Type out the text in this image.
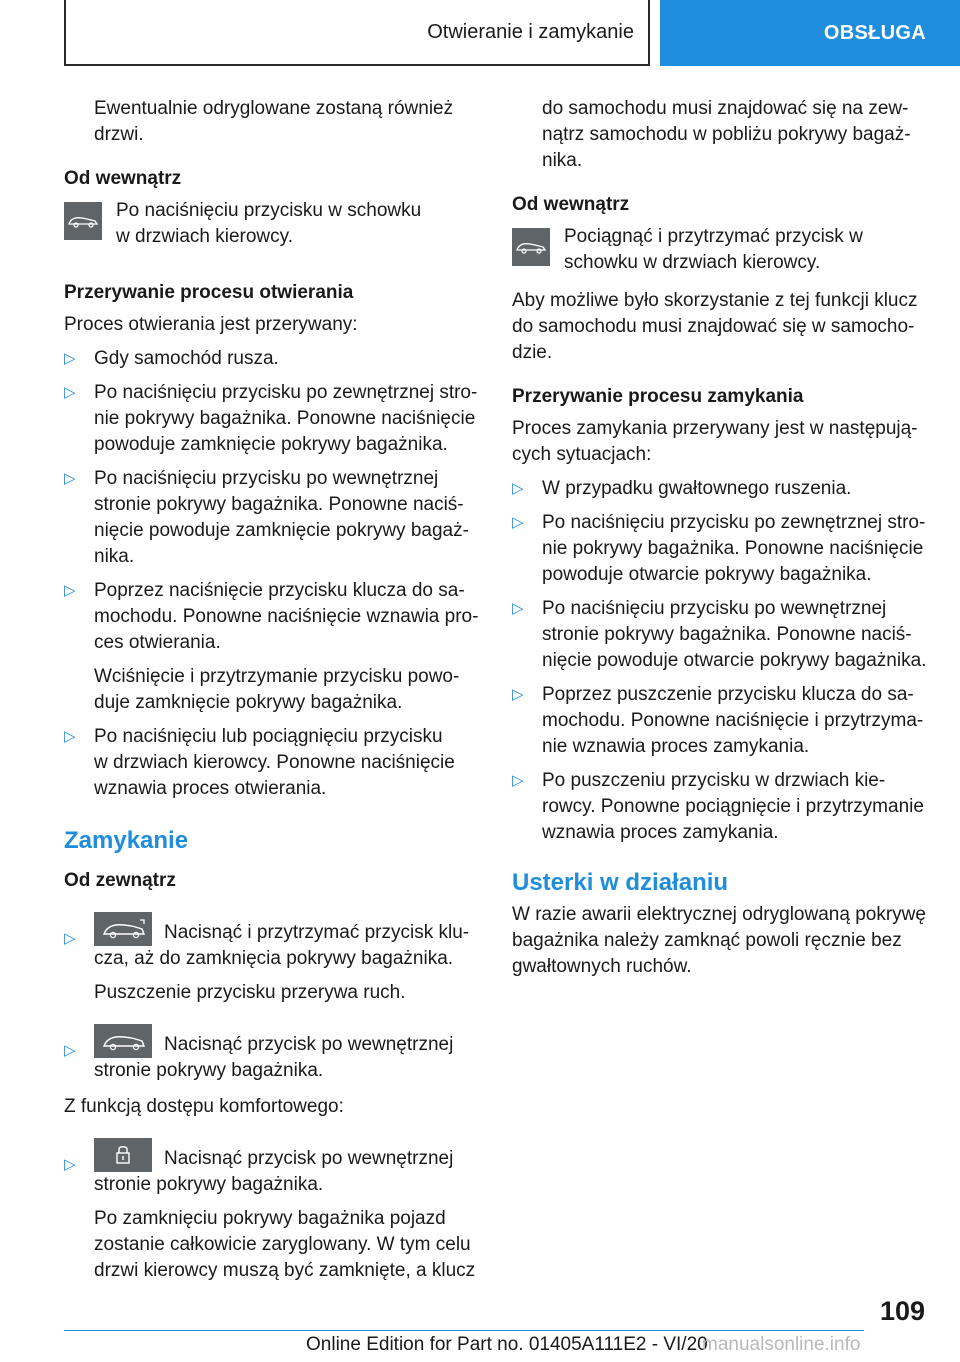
Otwieranie i zamykanie	OBSŁUGA

Ewentualnie odryglowane zostaną również

drzwi.

Od wewnątrz

Po naciśnięciu przycisku w schowku

w drzwiach kierowcy.

Przerywanie procesu otwierania

Proces otwierania jest przerywany:

▷ Gdy samochód rusza.

▷ Po naciśnięciu przycisku po zewnętrznej stro-

nie pokrywy bagażnika. Ponowne naciśnięcie

powoduje zamknięcie pokrywy bagażnika.

▷ Po naciśnięciu przycisku po wewnętrznej

stronie pokrywy bagażnika. Ponowne naciś-

nięcie powoduje zamknięcie pokrywy bagaż-

nika.

▷ Poprzez naciśnięcie przycisku klucza do sa-

mochodu. Ponowne naciśnięcie wznawia pro-

ces otwierania.

Wciśnięcie i przytrzymanie przycisku powo-

duje zamknięcie pokrywy bagażnika.

▷ Po naciśnięciu lub pociągnięciu przycisku

w drzwiach kierowcy. Ponowne naciśnięcie

wznawia proces otwierania.

Zamykanie

Od zewnątrz

▷	Nacisnąć i przytrzymać przycisk klu-

cza, aż do zamknięcia pokrywy bagażnika.

Puszczenie przycisku przerywa ruch.

▷	Nacisnąć przycisk po wewnętrznej

stronie pokrywy bagażnika.

Z funkcją dostępu komfortowego:

▷	Nacisnąć przycisk po wewnętrznej

stronie pokrywy bagażnika.

Po zamknięciu pokrywy bagażnika pojazd

zostanie całkowicie zaryglowany. W tym celu

drzwi kierowcy muszą być zamknięte, a klucz

do samochodu musi znajdować się na zew-

nątrz samochodu w pobliżu pokrywy bagaż-

nika.

Od wewnątrz

Pociągnąć i przytrzymać przycisk w

schowku w drzwiach kierowcy.

Aby możliwe było skorzystanie z tej funkcji klucz

do samochodu musi znajdować się w samocho-

dzie.

Przerywanie procesu zamykania

Proces zamykania przerywany jest w następują-

cych sytuacjach:

▷ W przypadku gwałtownego ruszenia.

▷ Po naciśnięciu przycisku po zewnętrznej stro-

nie pokrywy bagażnika. Ponowne naciśnięcie

powoduje otwarcie pokrywy bagażnika.

▷ Po naciśnięciu przycisku po wewnętrznej

stronie pokrywy bagażnika. Ponowne naciś-

nięcie powoduje otwarcie pokrywy bagażnika.

▷ Poprzez puszczenie przycisku klucza do sa-

mochodu. Ponowne naciśnięcie i przytrzyma-

nie wznawia proces zamykania.

▷ Po puszczeniu przycisku w drzwiach kie-

rowcy. Ponowne pociągnięcie i przytrzymanie

wznawia proces zamykania.

Usterki w działaniu

W razie awarii elektrycznej odryglowaną pokrywę

bagażnika należy zamknąć powoli ręcznie bez

gwałtownych ruchów.

109
Online Edition for Part no. 01405A111E2 - VI/20
manualsonline.info
